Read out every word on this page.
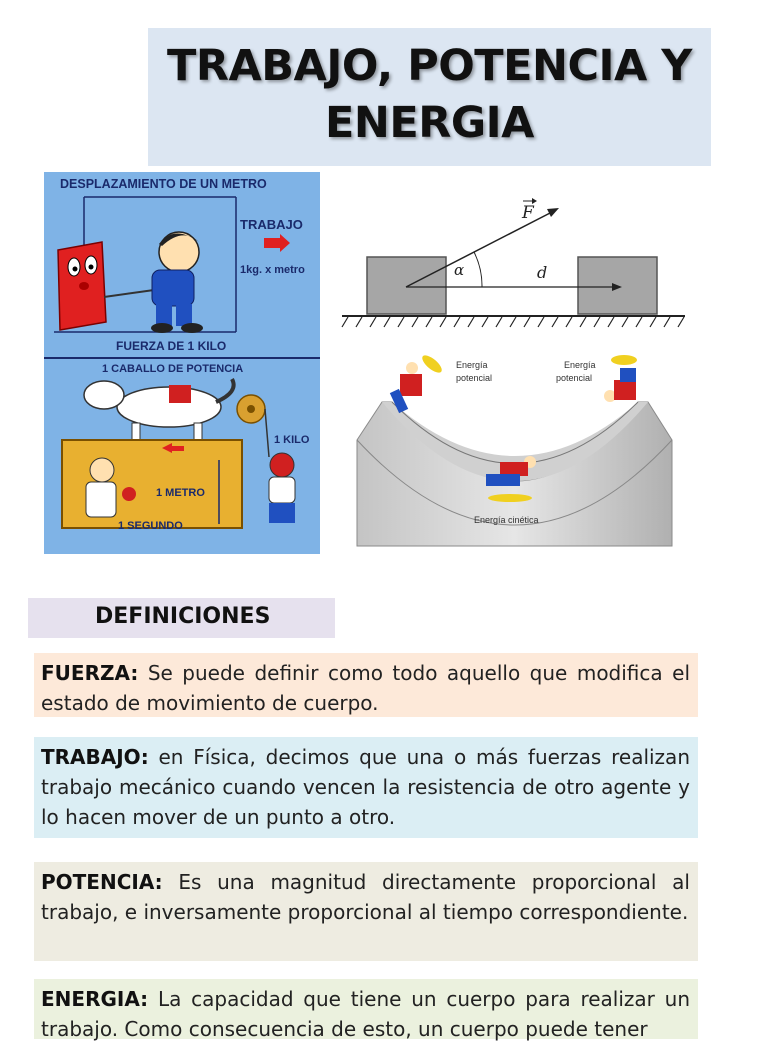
TRABAJO, POTENCIA Y
ENERGIA
DESPLAZAMIENTO DE UN METRO
TRABAJO
1kg. x metro
FUERZA DE 1 KILO
1 CABALLO DE POTENCIA
1 METRO
1 SEGUNDO
1 KILO
α	d
F
Energía
potencial
Energía
potencial
Energía cinética
DEFINICIONES
FUERZA: Se puede definir como todo aquello que modifica el estado de movimiento de cuerpo.
TRABAJO: en Física, decimos que una o más fuerzas realizan trabajo mecánico cuando vencen la resistencia de otro agente y lo hacen mover de un punto a otro.
POTENCIA: Es una magnitud directamente proporcional al trabajo, e inversamente proporcional al tiempo correspondiente.
ENERGIA: La capacidad que tiene un cuerpo para realizar un trabajo. Como consecuencia de esto, un cuerpo puede tener
